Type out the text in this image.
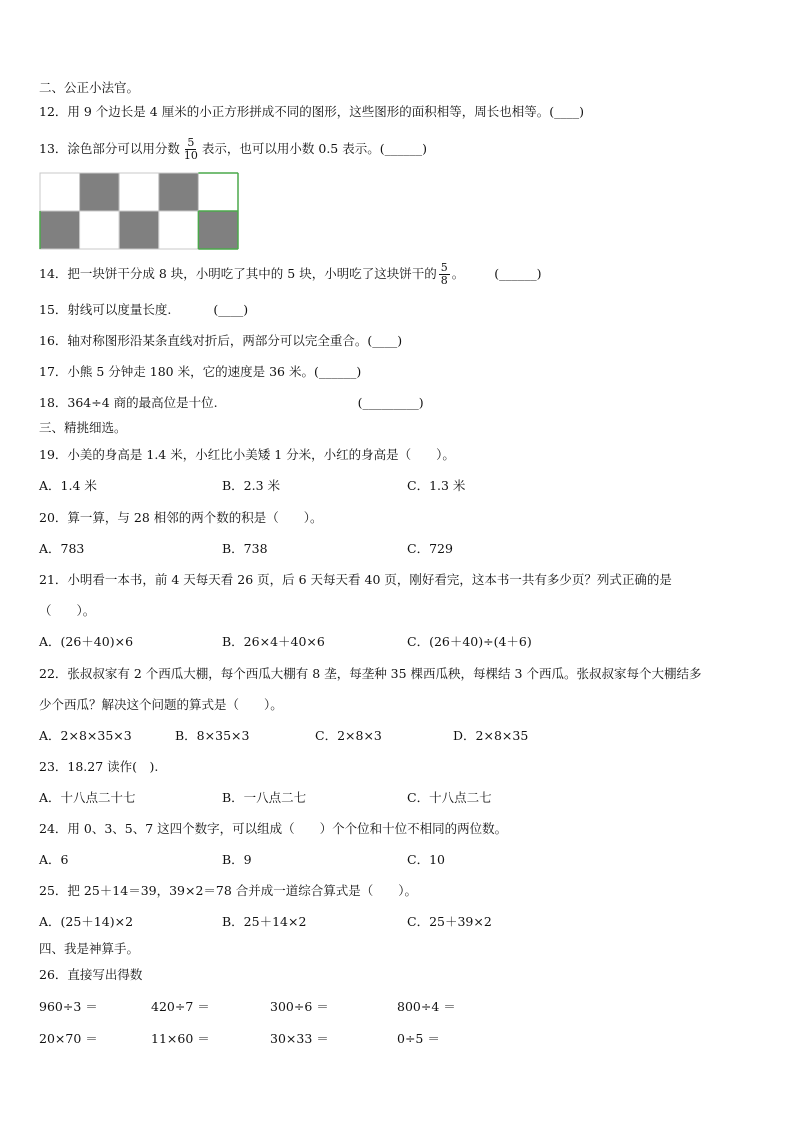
二、公正小法官。
12．用 9 个边长是 4 厘米的小正方形拼成不同的图形，这些图形的面积相等，周长也相等。(____)
13．涂色部分可以用分数 $\frac{5}{10}$ 表示，也可以用小数 0.5 表示。(______)
14．把一块饼干分成 8 块，小明吃了其中的 5 块，小明吃了这块饼干的 $\frac{5}{8}$ 。 (______)
15．射线可以度量长度.	(____)
16．轴对称图形沿某条直线对折后，两部分可以完全重合。(____)
17．小熊 5 分钟走 180 米，它的速度是 36 米。(______)
18．364÷4 商的最高位是十位.	(_________)
三、精挑细选。
19．小美的身高是 1.4 米，小红比小美矮 1 分米，小红的身高是（　　）。
A．1.4 米	B．2.3 米	C．1.3 米
20．算一算，与 28 相邻的两个数的积是（　　）。
A．783	B．738	C．729
21．小明看一本书，前 4 天每天看 26 页，后 6 天每天看 40 页，刚好看完，这本书一共有多少页？列式正确的是
（　　）。
A．(26＋40)×6	B．26×4＋40×6	C．(26＋40)÷(4＋6)
22．张叔叔家有 2 个西瓜大棚，每个西瓜大棚有 8 垄，每垄种 35 棵西瓜秧，每棵结 3 个西瓜。张叔叔家每个大棚结多
少个西瓜？解决这个问题的算式是（　　）。
A．2×8×35×3	B．8×35×3	C．2×8×3	D．2×8×35
23．18.27 读作(　).
A．十八点二十七	B．一八点二七	C．十八点二七
24．用 0、3、5、7 这四个数字，可以组成（　　）个个位和十位不相同的两位数。
A．6	B．9	C．10
25．把 25＋14＝39，39×2＝78 合并成一道综合算式是（　　）。
A．(25＋14)×2	B．25＋14×2	C．25＋39×2
四、我是神算手。
26．直接写出得数
960÷3 ＝	420÷7 ＝	300÷6 ＝	800÷4 ＝
20×70 ＝	11×60 ＝	30×33 ＝	0÷5 ＝
